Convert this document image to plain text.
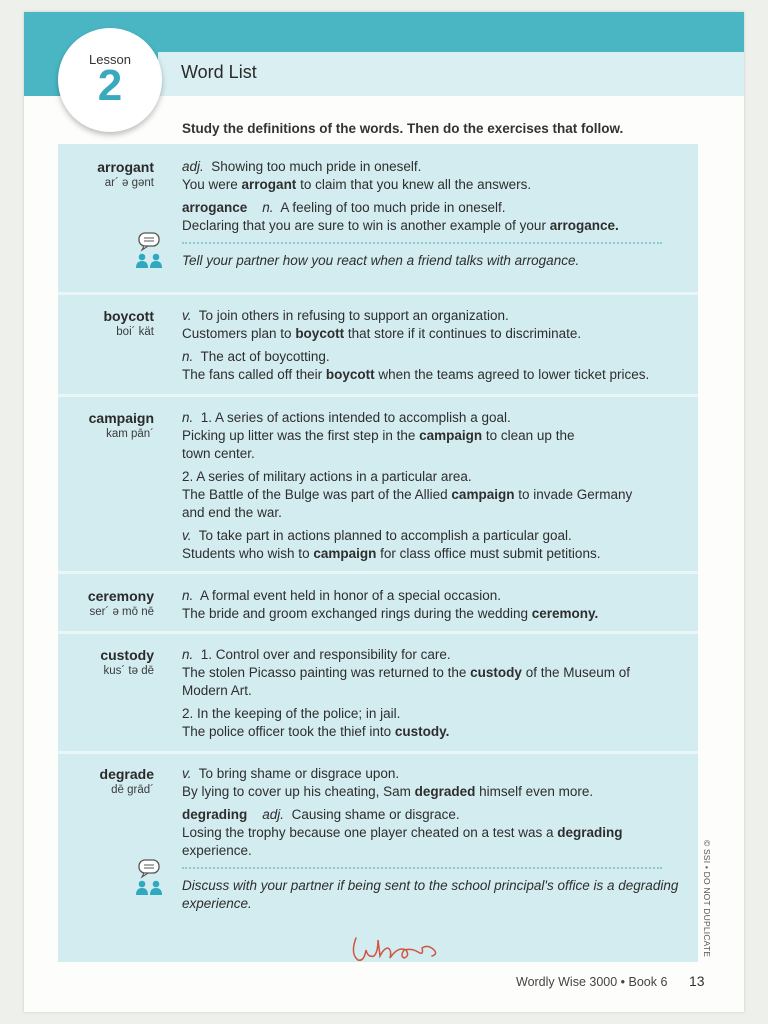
Word List
Lesson
2
Study the definitions of the words. Then do the exercises that follow.
arrogant
ar´ ə gənt

adj. Showing too much pride in oneself.

You were arrogant to claim that you knew all the answers.

arrogance n. A feeling of too much pride in oneself.

Declaring that you are sure to win is another example of your arrogance.

Tell your partner how you react when a friend talks with arrogance.

boycott
boi´ kät

v. To join others in refusing to support an organization.

Customers plan to boycott that store if it continues to discriminate.

n. The act of boycotting.

The fans called off their boycott when the teams agreed to lower ticket prices.

campaign
kam pān´

n. 1. A series of actions intended to accomplish a goal.

Picking up litter was the first step in the campaign to clean up the

town center.

2. A series of military actions in a particular area.

The Battle of the Bulge was part of the Allied campaign to invade Germany

and end the war.

v. To take part in actions planned to accomplish a particular goal.

Students who wish to campaign for class office must submit petitions.

ceremony
ser´ ə mō nē

n. A formal event held in honor of a special occasion.

The bride and groom exchanged rings during the wedding ceremony.

custody
kus´ tə dē

n. 1. Control over and responsibility for care.

The stolen Picasso painting was returned to the custody of the Museum of

Modern Art.

2. In the keeping of the police; in jail.

The police officer took the thief into custody.

degrade
dē grād´

v. To bring shame or disgrace upon.

By lying to cover up his cheating, Sam degraded himself even more.

degrading adj. Causing shame or disgrace.

Losing the trophy because one player cheated on a test was a degrading

experience.

Discuss with your partner if being sent to the school principal's office is a degrading

experience.

Wordly Wise 3000 • Book 6 13
© SSI • DO NOT DUPLICATE
